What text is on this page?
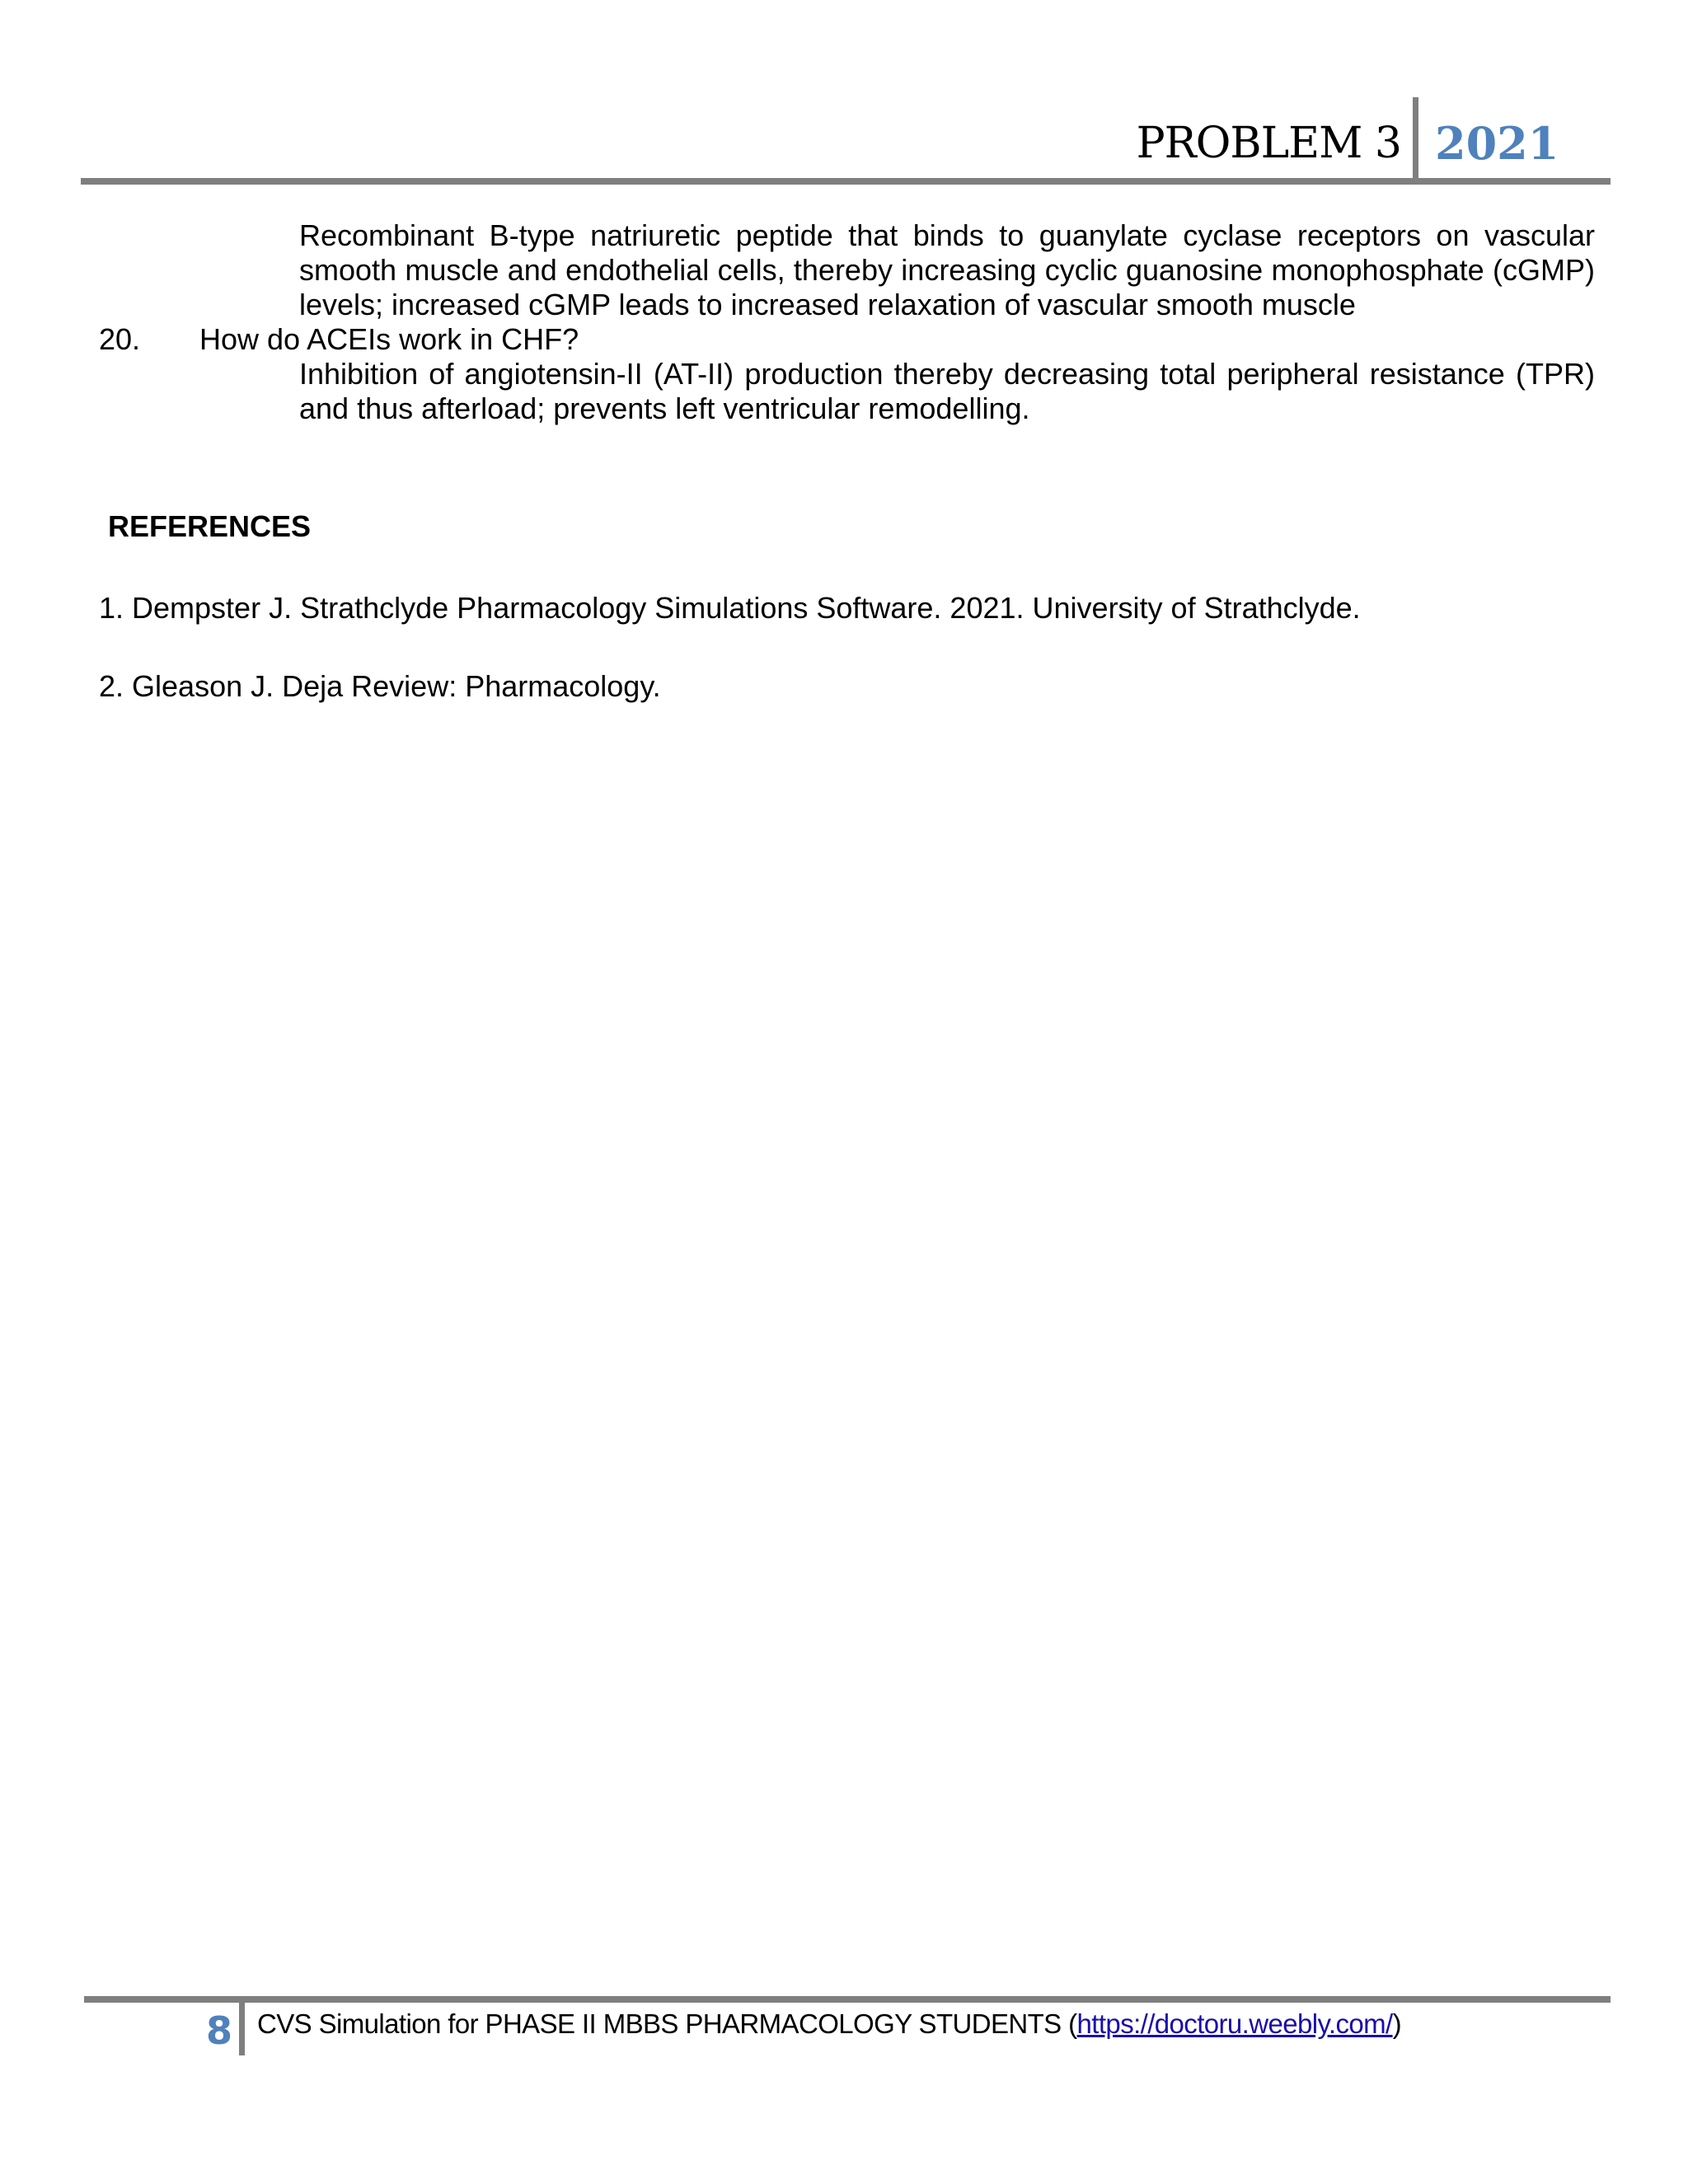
PROBLEM 3 2021
Recombinant B-type natriuretic peptide that binds to guanylate cyclase receptors on vascular smooth muscle and endothelial cells, thereby increasing cyclic guanosine monophosphate (cGMP) levels; increased cGMP leads to increased relaxation of vascular smooth muscle
20.	How do ACEIs work in CHF?
Inhibition of angiotensin-II (AT-II) production thereby decreasing total peripheral resistance (TPR) and thus afterload; prevents left ventricular remodelling.
REFERENCES
1. Dempster J. Strathclyde Pharmacology Simulations Software. 2021. University of Strathclyde.
2. Gleason J. Deja Review: Pharmacology.
8 CVS Simulation for PHASE II MBBS PHARMACOLOGY STUDENTS (https://doctoru.weebly.com/)
